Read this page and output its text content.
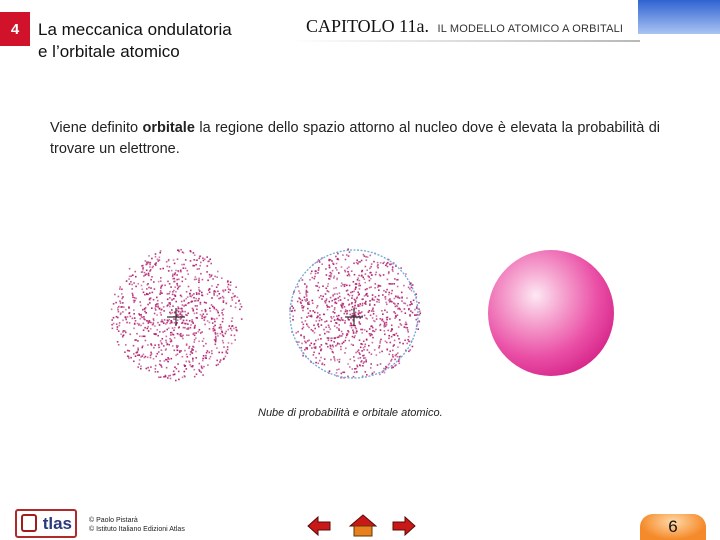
4	La meccanica ondulatoria
e l’orbitale atomico
CAPITOLO 11a. IL MODELLO ATOMICO A ORBITALI
Viene definito orbitale la regione dello spazio attorno al nucleo dove è elevata la probabilità di trovare un elettrone.
Nube di probabilità e orbitale atomico.
tlas © Paolo Pistarà
© Istituto Italiano Edizioni Atlas	6
